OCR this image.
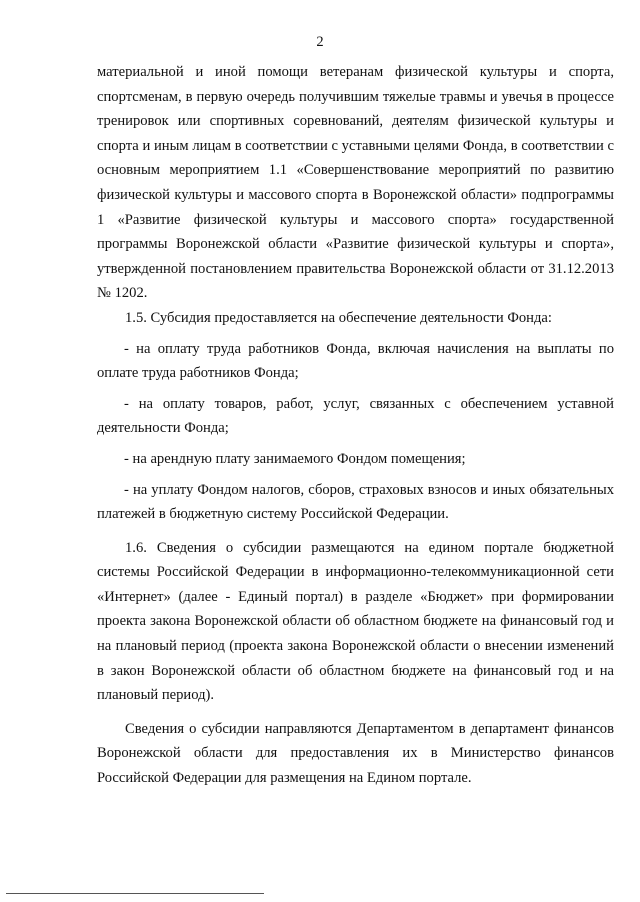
2

материальной и иной помощи ветеранам физической культуры и спорта, спортсменам, в первую очередь получившим тяжелые травмы и увечья в процессе тренировок или спортивных соревнований, деятелям физической культуры и спорта и иным лицам в соответствии с уставными целями Фонда, в соответствии с основным мероприятием 1.1 «Совершенствование мероприятий по развитию физической культуры и массового спорта в Воронежской области» подпрограммы 1 «Развитие физической культуры и массового спорта» государственной программы Воронежской области «Развитие физической культуры и спорта», утвержденной постановлением правительства Воронежской области от 31.12.2013 № 1202.

1.5. Субсидия предоставляется на обеспечение деятельности Фонда:

- на оплату труда работников Фонда, включая начисления на выплаты по оплате труда работников Фонда;

- на оплату товаров, работ, услуг, связанных с обеспечением уставной деятельности Фонда;

- на арендную плату занимаемого Фондом помещения;

- на уплату Фондом налогов, сборов, страховых взносов и иных обязательных платежей в бюджетную систему Российской Федерации.

1.6. Сведения о субсидии размещаются на едином портале бюджетной системы Российской Федерации в информационно-телекоммуникационной сети «Интернет» (далее - Единый портал) в разделе «Бюджет» при формировании проекта закона Воронежской области об областном бюджете на финансовый год и на плановый период (проекта закона Воронежской области о внесении изменений в закон Воронежской области об областном бюджете на финансовый год и на плановый период).

Сведения о субсидии направляются Департаментом в департамент финансов Воронежской области для предоставления их в Министерство финансов Российской Федерации для размещения на Едином портале.
